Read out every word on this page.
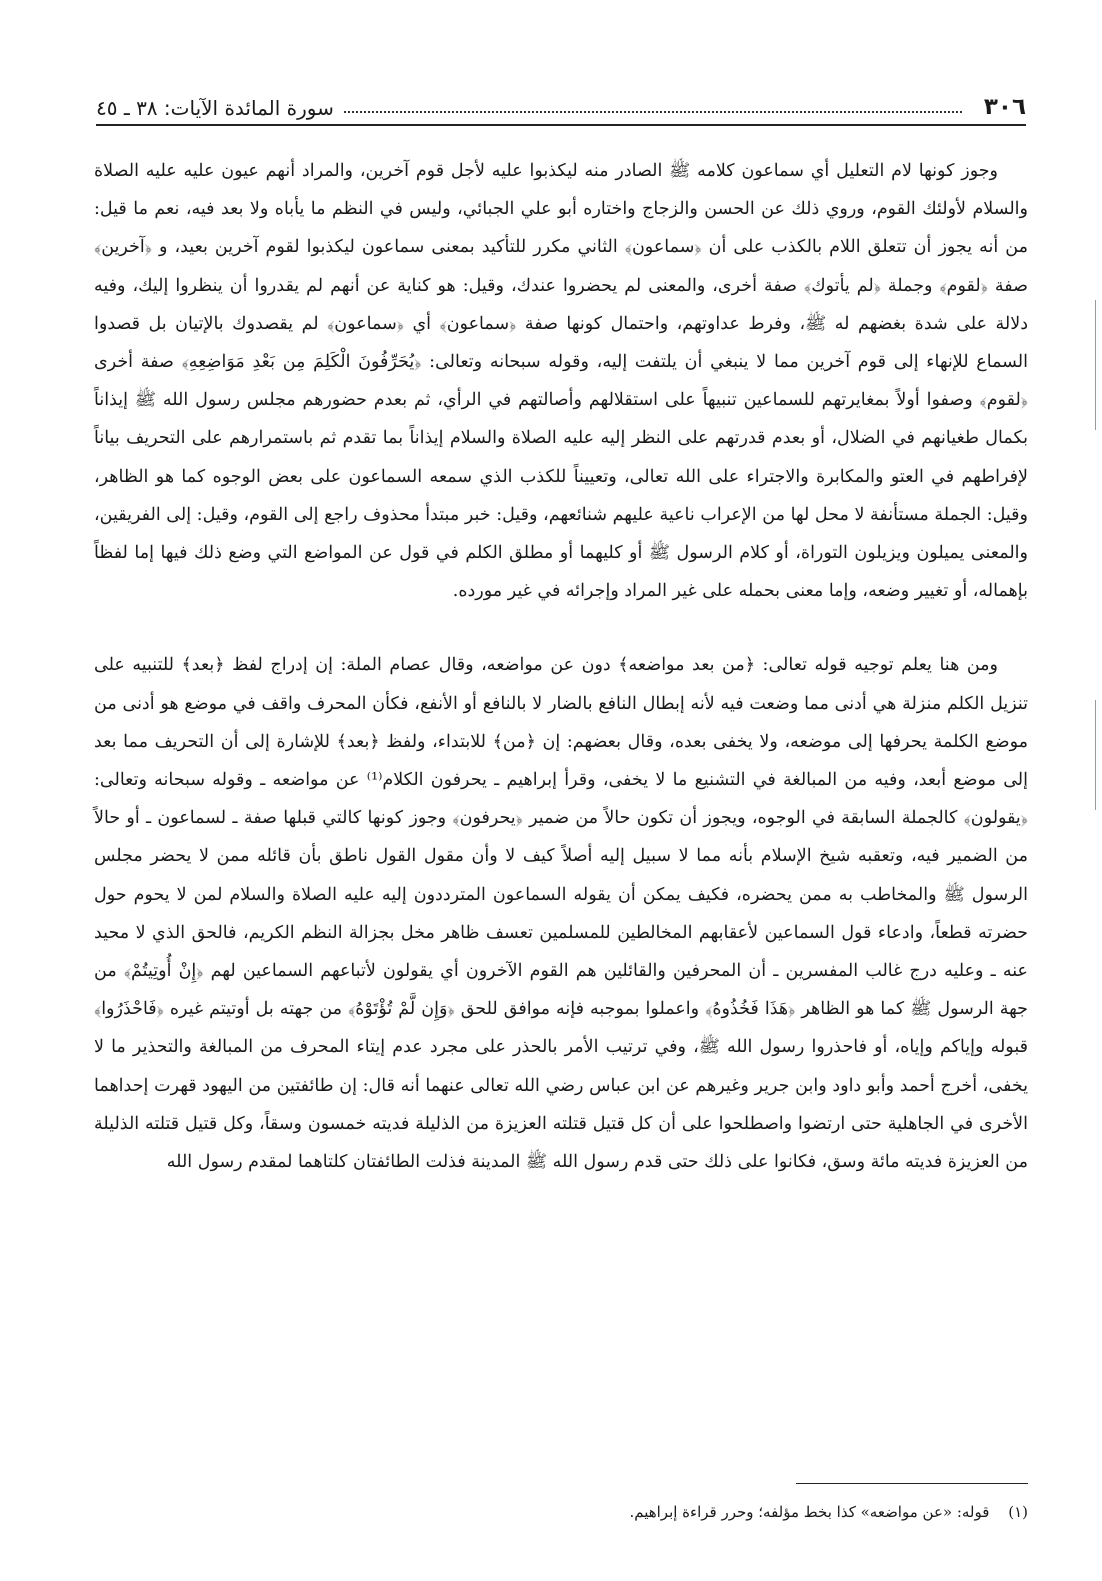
٣٠٦
سورة المائدة الآيات: ٣٨ ـ ٤٥

وجوز كونها لام التعليل أي سماعون كلامه ﷺ الصادر منه ليكذبوا عليه لأجل قوم آخرين، والمراد أنهم عيون عليه عليه الصلاة والسلام لأولئك القوم، وروي ذلك عن الحسن والزجاج واختاره أبو علي الجبائي، وليس في النظم ما يأباه ولا بعد فيه، نعم ما قيل: من أنه يجوز أن تتعلق اللام بالكذب على أن ﴿سماعون﴾ الثاني مكرر للتأكيد بمعنى سماعون ليكذبوا لقوم آخرين بعيد، و ﴿آخرين﴾ صفة ﴿لقوم﴾ وجملة ﴿لم يأتوك﴾ صفة أخرى، والمعنى لم يحضروا عندك، وقيل: هو كناية عن أنهم لم يقدروا أن ينظروا إليك، وفيه دلالة على شدة بغضهم له ﷺ، وفرط عداوتهم، واحتمال كونها صفة ﴿سماعون﴾ أي ﴿سماعون﴾ لم يقصدوك بالإتيان بل قصدوا السماع للإنهاء إلى قوم آخرين مما لا ينبغي أن يلتفت إليه، وقوله سبحانه وتعالى: ﴿يُحَرِّفُونَ الْكَلِمَ مِن بَعْدِ مَوَاضِعِهِ﴾ صفة أخرى ﴿لقوم﴾ وصفوا أولاً بمغايرتهم للسماعين تنبيهاً على استقلالهم وأصالتهم في الرأي، ثم بعدم حضورهم مجلس رسول الله ﷺ إيذاناً بكمال طغيانهم في الضلال، أو بعدم قدرتهم على النظر إليه عليه الصلاة والسلام إيذاناً بما تقدم ثم باستمرارهم على التحريف بياناً لإفراطهم في العتو والمكابرة والاجتراء على الله تعالى، وتعييناً للكذب الذي سمعه السماعون على بعض الوجوه كما هو الظاهر، وقيل: الجملة مستأنفة لا محل لها من الإعراب ناعية عليهم شنائعهم، وقيل: خبر مبتدأ محذوف راجع إلى القوم، وقيل: إلى الفريقين، والمعنى يميلون ويزيلون التوراة، أو كلام الرسول ﷺ أو كليهما أو مطلق الكلم في قول عن المواضع التي وضع ذلك فيها إما لفظاً بإهماله، أو تغيير وضعه، وإما معنى بحمله على غير المراد وإجرائه في غير مورده.

ومن هنا يعلم توجيه قوله تعالى: ﴿من بعد مواضعه﴾ دون عن مواضعه، وقال عصام الملة: إن إدراج لفظ ﴿بعد﴾ للتنبيه على تنزيل الكلم منزلة هي أدنى مما وضعت فيه لأنه إبطال النافع بالضار لا بالنافع أو الأنفع، فكأن المحرف واقف في موضع هو أدنى من موضع الكلمة يحرفها إلى موضعه، ولا يخفى بعده، وقال بعضهم: إن ﴿من﴾ للابتداء، ولفظ ﴿بعد﴾ للإشارة إلى أن التحريف مما بعد إلى موضع أبعد، وفيه من المبالغة في التشنيع ما لا يخفى، وقرأ إبراهيم ـ يحرفون الكلام⁽¹⁾ عن مواضعه ـ وقوله سبحانه وتعالى: ﴿يقولون﴾ كالجملة السابقة في الوجوه، ويجوز أن تكون حالاً من ضمير ﴿يحرفون﴾ وجوز كونها كالتي قبلها صفة ـ لسماعون ـ أو حالاً من الضمير فيه، وتعقبه شيخ الإسلام بأنه مما لا سبيل إليه أصلاً كيف لا وأن مقول القول ناطق بأن قائله ممن لا يحضر مجلس الرسول ﷺ والمخاطب به ممن يحضره، فكيف يمكن أن يقوله السماعون المترددون إليه عليه الصلاة والسلام لمن لا يحوم حول حضرته قطعاً، وادعاء قول السماعين لأعقابهم المخالطين للمسلمين تعسف ظاهر مخل بجزالة النظم الكريم، فالحق الذي لا محيد عنه ـ وعليه درج غالب المفسرين ـ أن المحرفين والقائلين هم القوم الآخرون أي يقولون لأتباعهم السماعين لهم ﴿إِنْ أُوتِيتُمْ﴾ من جهة الرسول ﷺ كما هو الظاهر ﴿هَذَا فَخُذُوهُ﴾ واعملوا بموجبه فإنه موافق للحق ﴿وَإِن لَّمْ تُؤْتَوْهُ﴾ من جهته بل أوتيتم غيره ﴿فَاحْذَرُوا﴾ قبوله وإياكم وإياه، أو فاحذروا رسول الله ﷺ، وفي ترتيب الأمر بالحذر على مجرد عدم إيتاء المحرف من المبالغة والتحذير ما لا يخفى، أخرج أحمد وأبو داود وابن جرير وغيرهم عن ابن عباس رضي الله تعالى عنهما أنه قال: إن طائفتين من اليهود قهرت إحداهما الأخرى في الجاهلية حتى ارتضوا واصطلحوا على أن كل قتيل قتلته العزيزة من الذليلة فديته خمسون وسقاً، وكل قتيل قتلته الذليلة من العزيزة فديته مائة وسق، فكانوا على ذلك حتى قدم رسول الله ﷺ المدينة فذلت الطائفتان كلتاهما لمقدم رسول الله

(١) قوله: «عن مواضعه» كذا بخط مؤلفه؛ وحرر قراءة إبراهيم.
